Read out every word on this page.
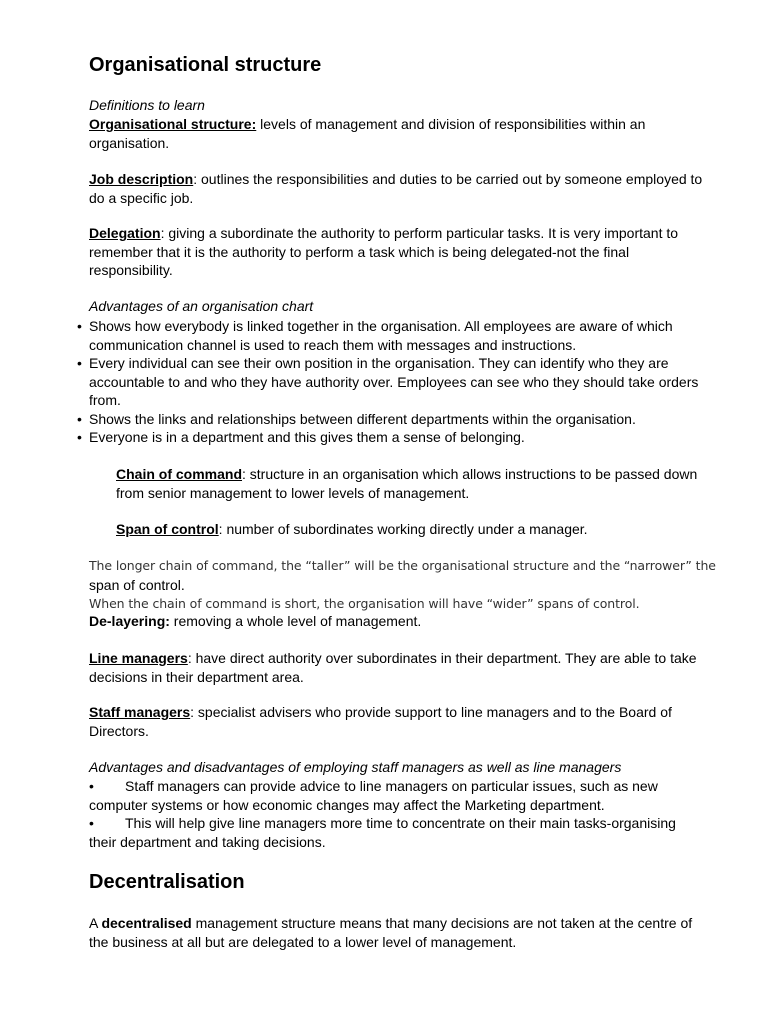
Organisational structure
Definitions to learn

Organisational structure: levels of management and division of responsibilities within an organisation.

Job description: outlines the responsibilities and duties to be carried out by someone employed to do a specific job.

Delegation: giving a subordinate the authority to perform particular tasks. It is very important to remember that it is the authority to perform a task which is being delegated-not the final responsibility.

Advantages of an organisation chart
• Shows how everybody is linked together in the organisation. All employees are aware of which communication channel is used to reach them with messages and instructions.
• Every individual can see their own position in the organisation. They can identify who they are accountable to and who they have authority over. Employees can see who they should take orders from.
• Shows the links and relationships between different departments within the organisation.
• Everyone is in a department and this gives them a sense of belonging.

Chain of command: structure in an organisation which allows instructions to be passed down from senior management to lower levels of management.

Span of control: number of subordinates working directly under a manager.

The longer chain of command, the “taller” will be the organisational structure and the “narrower” the
span of control.
When the chain of command is short, the organisation will have “wider” spans of control.

De-layering: removing a whole level of management.

Line managers: have direct authority over subordinates in their department. They are able to take decisions in their department area.

Staff managers: specialist advisers who provide support to line managers and to the Board of Directors.

Advantages and disadvantages of employing staff managers as well as line managers

• Staff managers can provide advice to line managers on particular issues, such as new computer systems or how economic changes may affect the Marketing department.

• This will help give line managers more time to concentrate on their main tasks-organising their department and taking decisions.

Decentralisation

A decentralised management structure means that many decisions are not taken at the centre of the business at all but are delegated to a lower level of management.
